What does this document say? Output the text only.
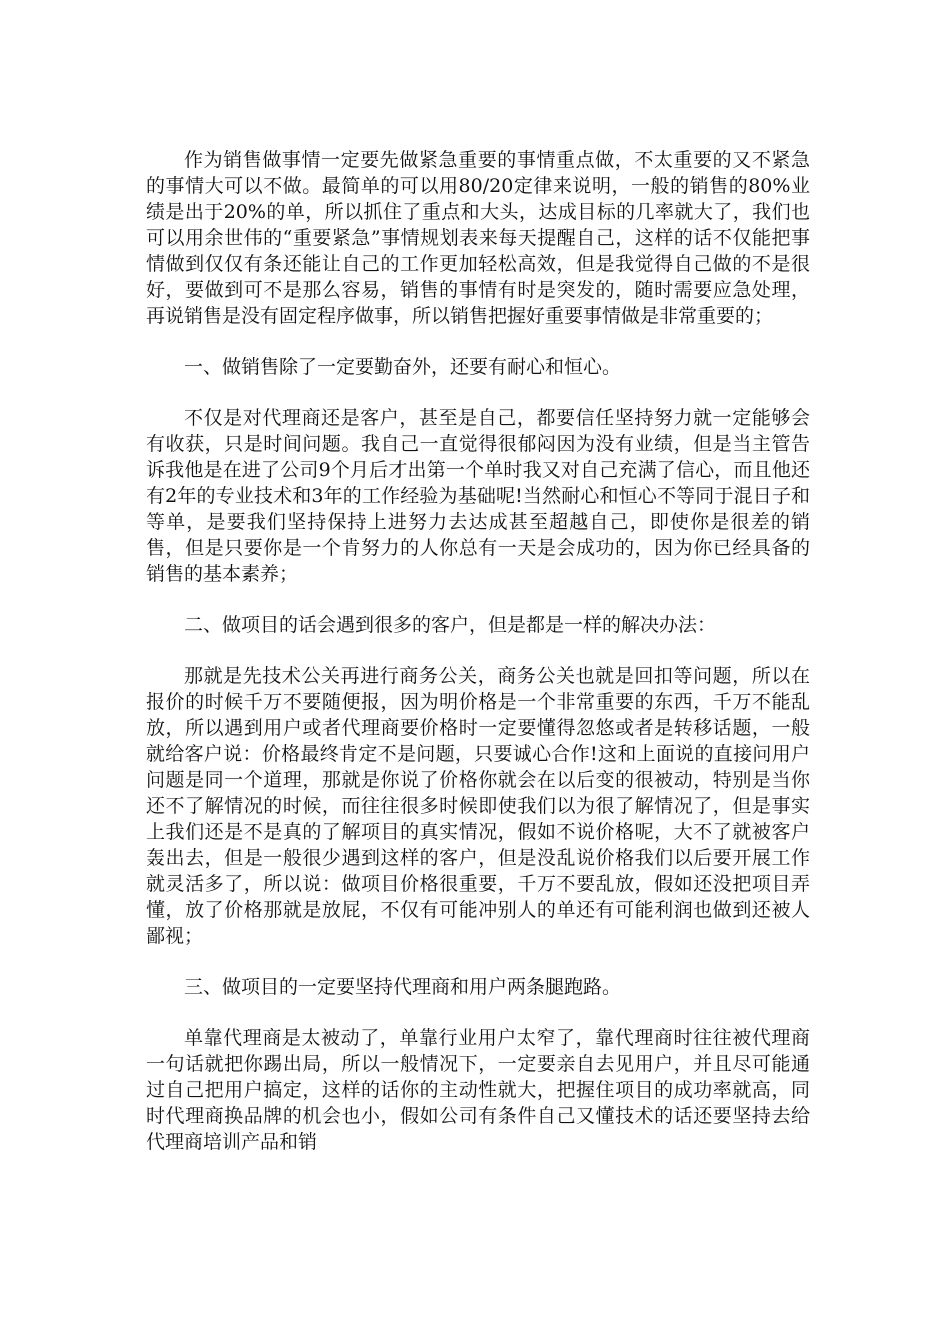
作为销售做事情一定要先做紧急重要的事情重点做，不太重要的又不紧急的事情大可以不做。最简单的可以用80/20定律来说明，一般的销售的80%业绩是出于20%的单，所以抓住了重点和大头，达成目标的几率就大了，我们也可以用余世伟的“重要紧急”事情规划表来每天提醒自己，这样的话不仅能把事情做到仅仅有条还能让自己的工作更加轻松高效，但是我觉得自己做的不是很好，要做到可不是那么容易，销售的事情有时是突发的，随时需要应急处理，再说销售是没有固定程序做事，所以销售把握好重要事情做是非常重要的；

一、做销售除了一定要勤奋外，还要有耐心和恒心。

不仅是对代理商还是客户，甚至是自己，都要信任坚持努力就一定能够会有收获，只是时间问题。我自己一直觉得很郁闷因为没有业绩，但是当主管告诉我他是在进了公司9个月后才出第一个单时我又对自己充满了信心，而且他还有2年的专业技术和3年的工作经验为基础呢!当然耐心和恒心不等同于混日子和等单，是要我们坚持保持上进努力去达成甚至超越自己，即使你是很差的销售，但是只要你是一个肯努力的人你总有一天是会成功的，因为你已经具备的销售的基本素养；

二、做项目的话会遇到很多的客户，但是都是一样的解决办法：

那就是先技术公关再进行商务公关，商务公关也就是回扣等问题，所以在报价的时候千万不要随便报，因为明价格是一个非常重要的东西，千万不能乱放，所以遇到用户或者代理商要价格时一定要懂得忽悠或者是转移话题，一般就给客户说：价格最终肯定不是问题，只要诚心合作!这和上面说的直接问用户问题是同一个道理，那就是你说了价格你就会在以后变的很被动，特别是当你还不了解情况的时候，而往往很多时候即使我们以为很了解情况了，但是事实上我们还是不是真的了解项目的真实情况，假如不说价格呢，大不了就被客户轰出去，但是一般很少遇到这样的客户，但是没乱说价格我们以后要开展工作就灵活多了，所以说：做项目价格很重要，千万不要乱放，假如还没把项目弄懂，放了价格那就是放屁，不仅有可能冲别人的单还有可能利润也做到还被人鄙视；

三、做项目的一定要坚持代理商和用户两条腿跑路。

单靠代理商是太被动了，单靠行业用户太窄了，靠代理商时往往被代理商一句话就把你踢出局，所以一般情况下，一定要亲自去见用户，并且尽可能通过自己把用户搞定，这样的话你的主动性就大，把握住项目的成功率就高，同时代理商换品牌的机会也小，假如公司有条件自己又懂技术的话还要坚持去给代理商培训产品和销
